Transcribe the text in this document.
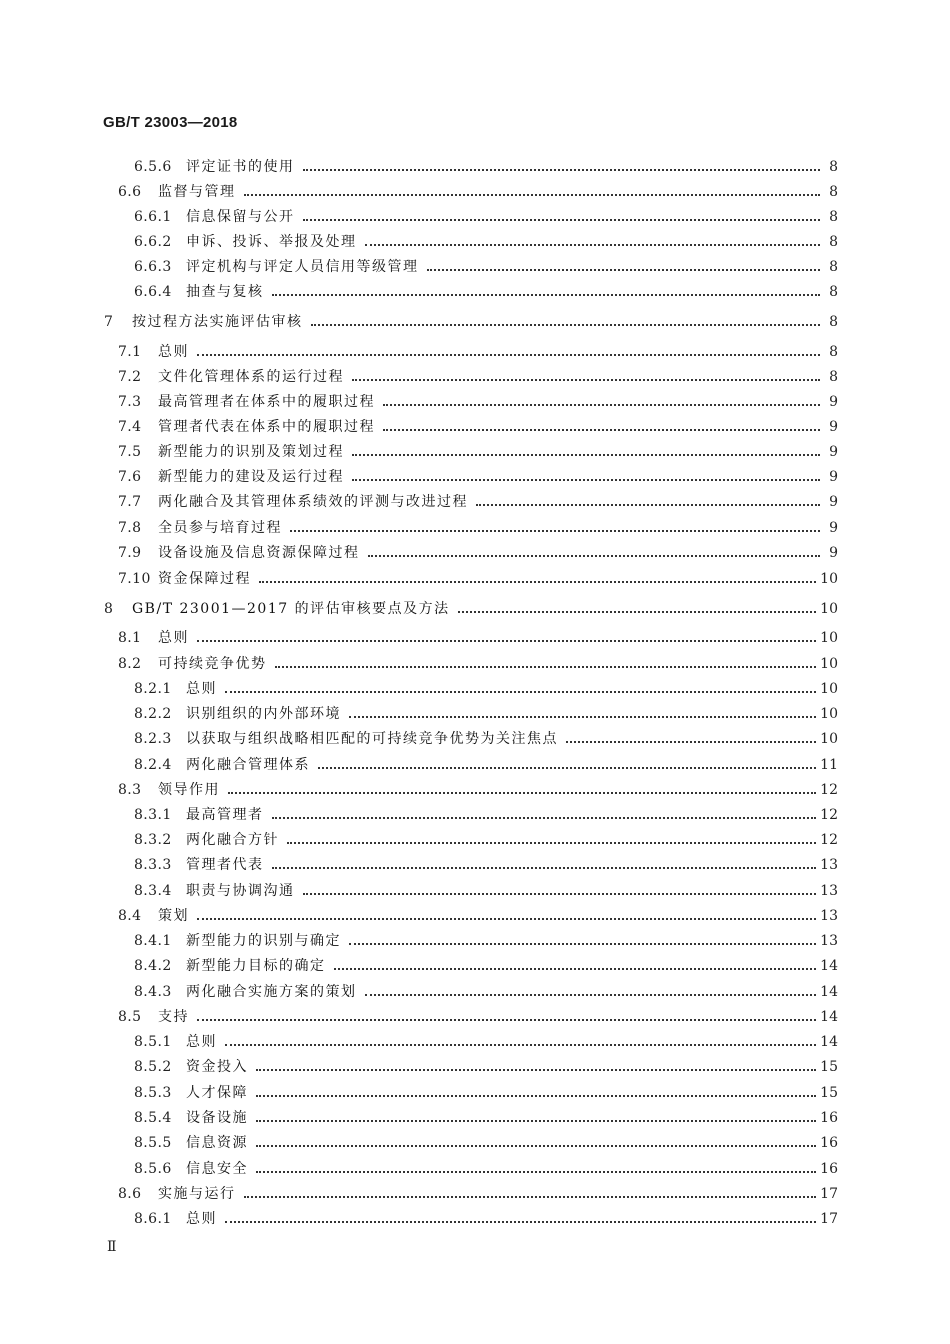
GB/T 23003—2018
6.5.6	评定证书的使用	8
6.6	监督与管理	8
6.6.1	信息保留与公开	8
6.6.2	申诉、投诉、举报及处理	8
6.6.3	评定机构与评定人员信用等级管理	8
6.6.4	抽查与复核	8
7	按过程方法实施评估审核	8
7.1	总则	8
7.2	文件化管理体系的运行过程	8
7.3	最高管理者在体系中的履职过程	9
7.4	管理者代表在体系中的履职过程	9
7.5	新型能力的识别及策划过程	9
7.6	新型能力的建设及运行过程	9
7.7	两化融合及其管理体系绩效的评测与改进过程	9
7.8	全员参与培育过程	9
7.9	设备设施及信息资源保障过程	9
7.10 资金保障过程	10
8	GB/T 23001—2017 的评估审核要点及方法	10
8.1	总则	10
8.2	可持续竞争优势	10
8.2.1	总则	10
8.2.2	识别组织的内外部环境	10
8.2.3	以获取与组织战略相匹配的可持续竞争优势为关注焦点	10
8.2.4	两化融合管理体系	11
8.3	领导作用	12
8.3.1	最高管理者	12
8.3.2	两化融合方针	12
8.3.3	管理者代表	13
8.3.4	职责与协调沟通	13
8.4	策划	13
8.4.1	新型能力的识别与确定	13
8.4.2	新型能力目标的确定	14
8.4.3	两化融合实施方案的策划	14
8.5	支持	14
8.5.1	总则	14
8.5.2	资金投入	15
8.5.3	人才保障	15
8.5.4	设备设施	16
8.5.5	信息资源	16
8.5.6	信息安全	16
8.6	实施与运行	17
8.6.1	总则	17
Ⅱ
